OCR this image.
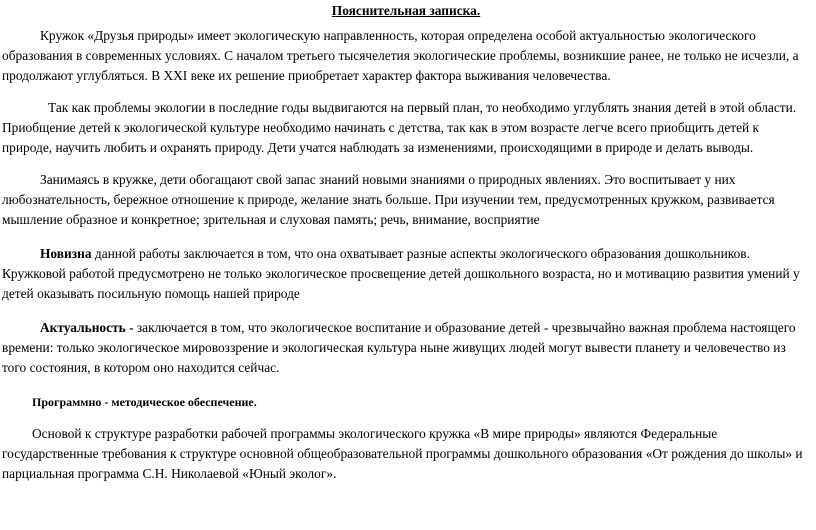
Пояснительная записка.

Кружок «Друзья природы» имеет экологическую направленность, которая определена особой актуальностью экологического образования в современных условиях. С началом третьего тысячелетия экологические проблемы, возникшие ранее, не только не исчезли, а продолжают углубляться. В XXI веке их решение приобретает характер фактора выживания человечества.

Так как проблемы экологии в последние годы выдвигаются на первый план, то необходимо углублять знания детей в этой области. Приобщение детей к экологической культуре необходимо начинать с детства, так как в этом возрасте легче всего приобщить детей к природе, научить любить и охранять природу. Дети учатся наблюдать за изменениями, происходящими в природе и делать выводы.

Занимаясь в кружке, дети обогащают свой запас знаний новыми знаниями о природных явлениях. Это воспитывает у них любознательность, бережное отношение к природе, желание знать больше. При изучении тем, предусмотренных кружком, развивается мышление образное и конкретное; зрительная и слуховая память; речь, внимание, восприятие

Новизна данной работы заключается в том, что она охватывает разные аспекты экологического образования дошкольников. Кружковой работой предусмотрено не только экологическое просвещение детей дошкольного возраста, но и мотивацию развития умений у детей оказывать посильную помощь нашей природе

Актуальность - заключается в том, что экологическое воспитание и образование детей - чрезвычайно важная проблема настоящего времени: только экологическое мировоззрение и экологическая культура ныне живущих людей могут вывести планету и человечество из того состояния, в котором оно находится сейчас.

Программно - методическое обеспечение.

Основой к структуре разработки рабочей программы экологического кружка «В мире природы» являются Федеральные государственные требования к структуре основной общеобразовательной программы дошкольного образования «От рождения до школы» и парциальная программа С.Н. Николаевой «Юный эколог».
